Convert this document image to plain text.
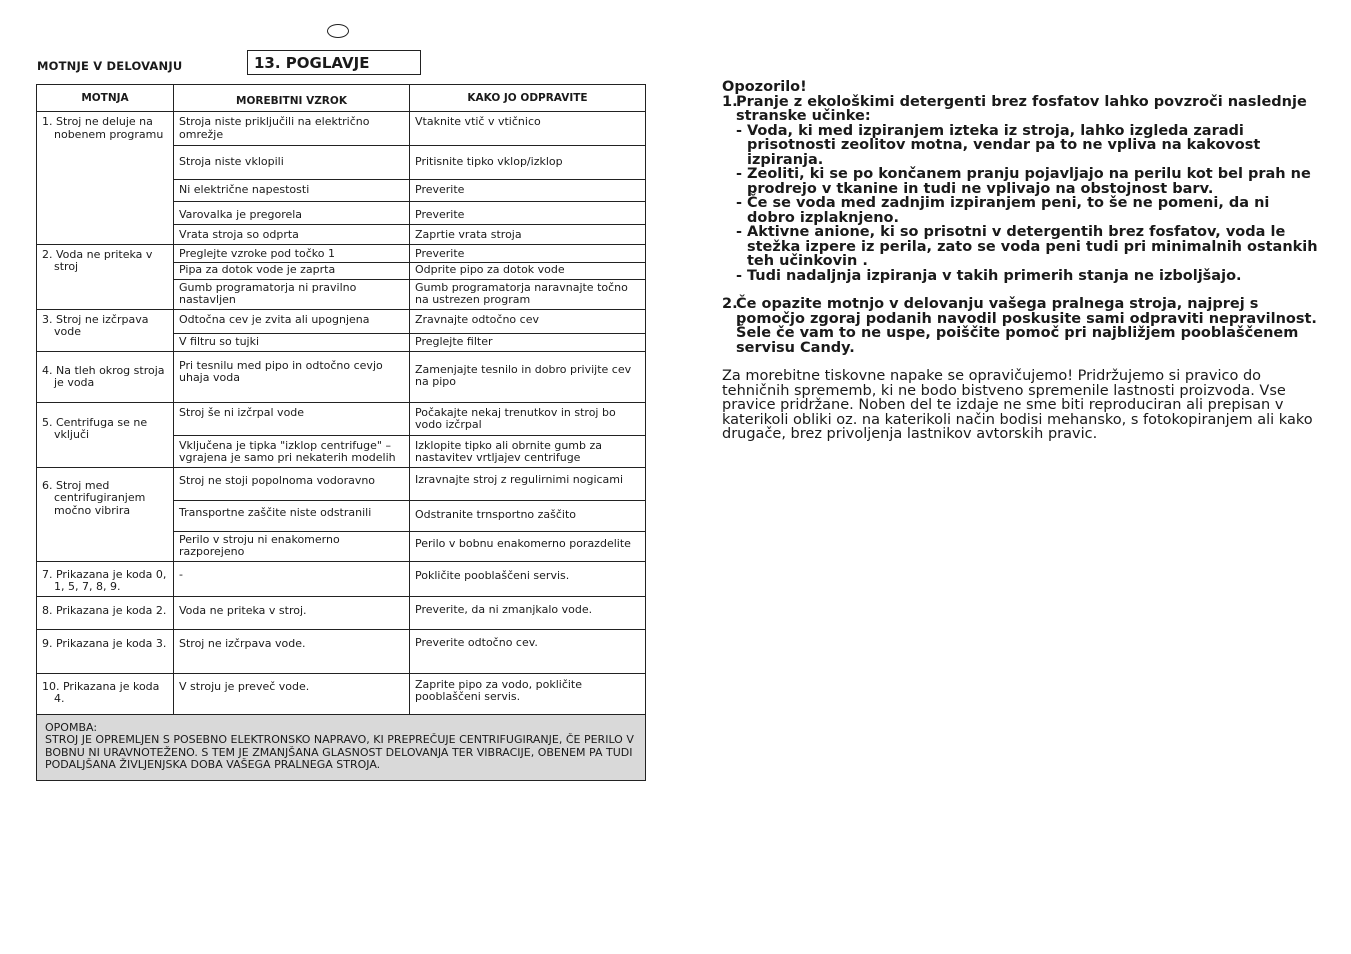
MOTNJE V DELOVANJU	13. POGLAVJE
MOTNJA	MOREBITNI VZROK	KAKO JO ODPRAVITE
1. Stroj ne deluje na nobenem programu	Stroja niste priključili na električno omrežje	Vtaknite vtič v vtičnico
	Stroja niste vklopili	Pritisnite tipko vklop/izklop
	Ni električne napestosti	Preverite
	Varovalka je pregorela	Preverite
	Vrata stroja so odprta	Zaprtie vrata stroja
2. Voda ne priteka v stroj	Preglejte vzroke pod točko 1	Preverite
	Pipa za dotok vode je zaprta	Odprite pipo za dotok vode
	Gumb programatorja ni pravilno nastavljen	Gumb programatorja naravnajte točno na ustrezen program
3. Stroj ne izčrpava vode	Odtočna cev je zvita ali upognjena	Zravnajte odtočno cev
	V filtru so tujki	Preglejte filter
4. Na tleh okrog stroja je voda	Pri tesnilu med pipo in odtočno cevjo uhaja voda	Zamenjajte tesnilo in dobro privijte cev na pipo
5. Centrifuga se ne vključi	Stroj še ni izčrpal vode	Počakajte nekaj trenutkov in stroj bo vodo izčrpal
	Vključena je tipka "izklop centrifuge" – vgrajena je samo pri nekaterih modelih	Izklopite tipko ali obrnite gumb za nastavitev vrtljajev centrifuge
6. Stroj med centrifugiranjem močno vibrira	Stroj ne stoji popolnoma vodoravno	Izravnajte stroj z regulirnimi nogicami
	Transportne zaščite niste odstranili	Odstranite trnsportno zaščito
	Perilo v stroju ni enakomerno razporejeno	Perilo v bobnu enakomerno porazdelite
7. Prikazana je koda 0, 1, 5, 7, 8, 9.	-	Pokličite pooblaščeni servis.
8. Prikazana je koda 2.	Voda ne priteka v stroj.	Preverite, da ni zmanjkalo vode.
9. Prikazana je koda 3.	Stroj ne izčrpava vode.	Preverite odtočno cev.
10. Prikazana je koda 4.	V stroju je preveč vode.	Zaprite pipo za vodo, pokličite pooblaščeni servis.

OPOMBA:
STROJ JE OPREMLJEN S POSEBNO ELEKTRONSKO NAPRAVO, KI PREPREČUJE CENTRIFUGIRANJE, ČE PERILO V BOBNU NI URAVNOTEŽENO. S TEM JE ZMANJŠANA GLASNOST DELOVANJA TER VIBRACIJE, OBENEM PA TUDI PODALJŠANA ŽIVLJENJSKA DOBA VAŠEGA PRALNEGA STROJA.		
Opozorilo!
1.
Pranje z ekološkimi detergenti brez fosfatov lahko povzroči naslednje stranske učinke:
- Voda, ki med izpiranjem izteka iz stroja, lahko izgleda zaradi prisotnosti zeolitov motna, vendar pa to ne vpliva na kakovost izpiranja.
- Zeoliti, ki se po končanem pranju pojavljajo na perilu kot bel prah ne prodrejo v tkanine in tudi ne vplivajo na obstojnost barv.
- Če se voda med zadnjim izpiranjem peni, to še ne pomeni, da ni dobro izplaknjeno.
- Aktivne anione, ki so prisotni v detergentih brez fosfatov, voda le stežka izpere iz perila, zato se voda peni tudi pri minimalnih ostankih teh učinkovin .
- Tudi nadaljnja izpiranja v takih primerih stanja ne izboljšajo.
2.
Če opazite motnjo v delovanju vašega pralnega stroja, najprej s pomočjo zgoraj podanih navodil poskusite sami odpraviti nepravilnost. Šele če vam to ne uspe, poiščite pomoč pri najbližjem pooblaščenem servisu Candy.
Za morebitne tiskovne napake se opravičujemo! Pridržujemo si pravico do tehničnih sprememb, ki ne bodo bistveno spremenile lastnosti proizvoda. Vse pravice pridržane. Noben del te izdaje ne sme biti reproduciran ali prepisan v katerikoli obliki oz. na katerikoli način bodisi mehansko, s fotokopiranjem ali kako drugače, brez privoljenja lastnikov avtorskih pravic.
